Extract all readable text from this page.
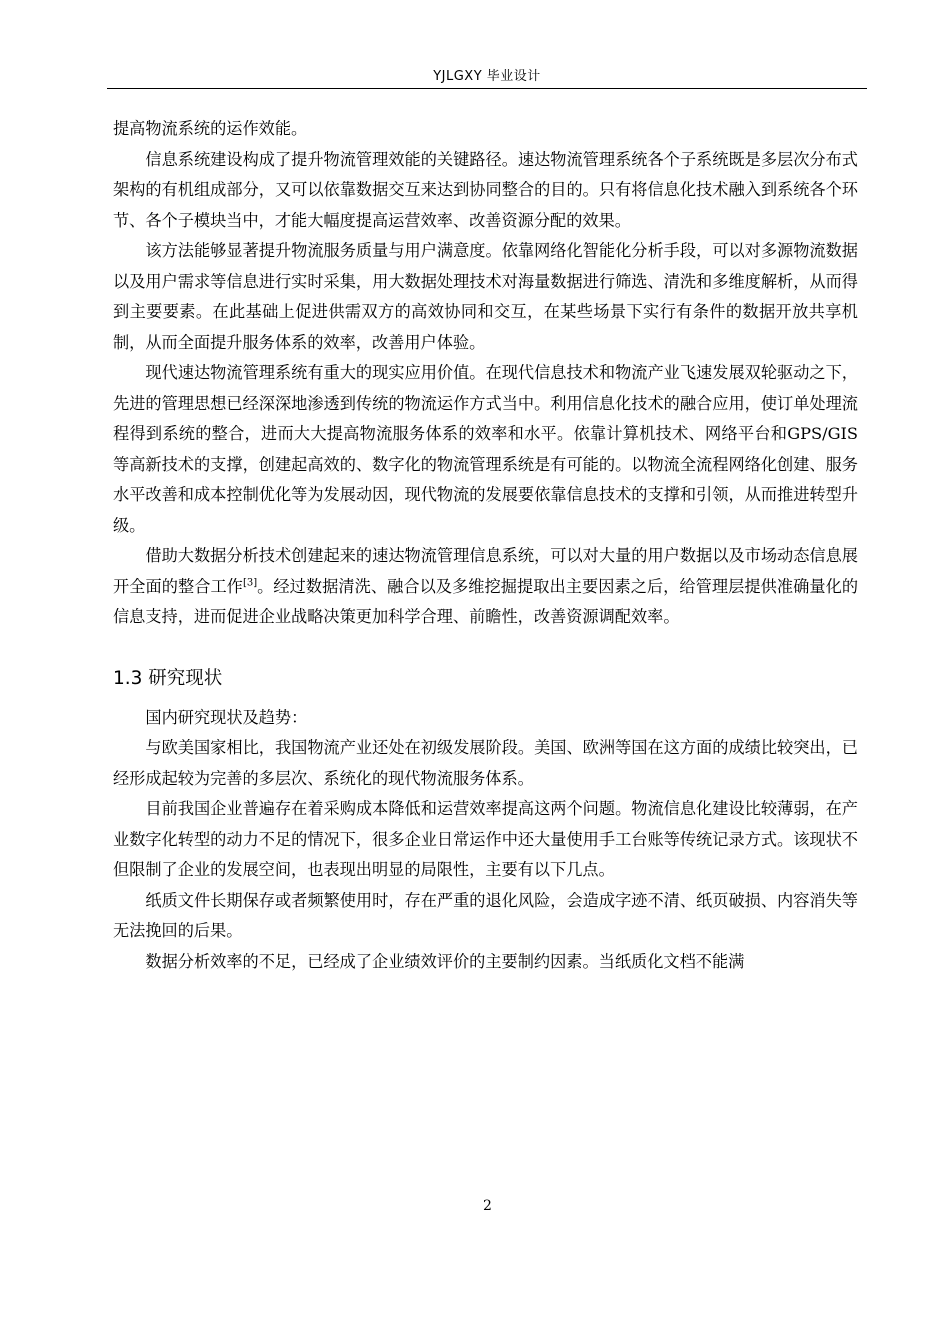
YJLGXY 毕业设计

提高物流系统的运作效能。

信息系统建设构成了提升物流管理效能的关键路径。速达物流管理系统各个子系统既是多层次分布式架构的有机组成部分，又可以依靠数据交互来达到协同整合的目的。只有将信息化技术融入到系统各个环节、各个子模块当中，才能大幅度提高运营效率、改善资源分配的效果。

该方法能够显著提升物流服务质量与用户满意度。依靠网络化智能化分析手段，可以对多源物流数据以及用户需求等信息进行实时采集，用大数据处理技术对海量数据进行筛选、清洗和多维度解析，从而得到主要要素。在此基础上促进供需双方的高效协同和交互，在某些场景下实行有条件的数据开放共享机制，从而全面提升服务体系的效率，改善用户体验。

现代速达物流管理系统有重大的现实应用价值。在现代信息技术和物流产业飞速发展双轮驱动之下，先进的管理思想已经深深地渗透到传统的物流运作方式当中。利用信息化技术的融合应用，使订单处理流程得到系统的整合，进而大大提高物流服务体系的效率和水平。依靠计算机技术、网络平台和GPS/GIS等高新技术的支撑，创建起高效的、数字化的物流管理系统是有可能的。以物流全流程网络化创建、服务水平改善和成本控制优化等为发展动因，现代物流的发展要依靠信息技术的支撑和引领，从而推进转型升级。

借助大数据分析技术创建起来的速达物流管理信息系统，可以对大量的用户数据以及市场动态信息展开全面的整合工作[3]。经过数据清洗、融合以及多维挖掘提取出主要因素之后，给管理层提供准确量化的信息支持，进而促进企业战略决策更加科学合理、前瞻性，改善资源调配效率。

1.3 研究现状

国内研究现状及趋势：

与欧美国家相比，我国物流产业还处在初级发展阶段。美国、欧洲等国在这方面的成绩比较突出，已经形成起较为完善的多层次、系统化的现代物流服务体系。

目前我国企业普遍存在着采购成本降低和运营效率提高这两个问题。物流信息化建设比较薄弱，在产业数字化转型的动力不足的情况下，很多企业日常运作中还大量使用手工台账等传统记录方式。该现状不但限制了企业的发展空间，也表现出明显的局限性，主要有以下几点。

纸质文件长期保存或者频繁使用时，存在严重的退化风险，会造成字迹不清、纸页破损、内容消失等无法挽回的后果。

数据分析效率的不足，已经成了企业绩效评价的主要制约因素。当纸质化文档不能满

2
